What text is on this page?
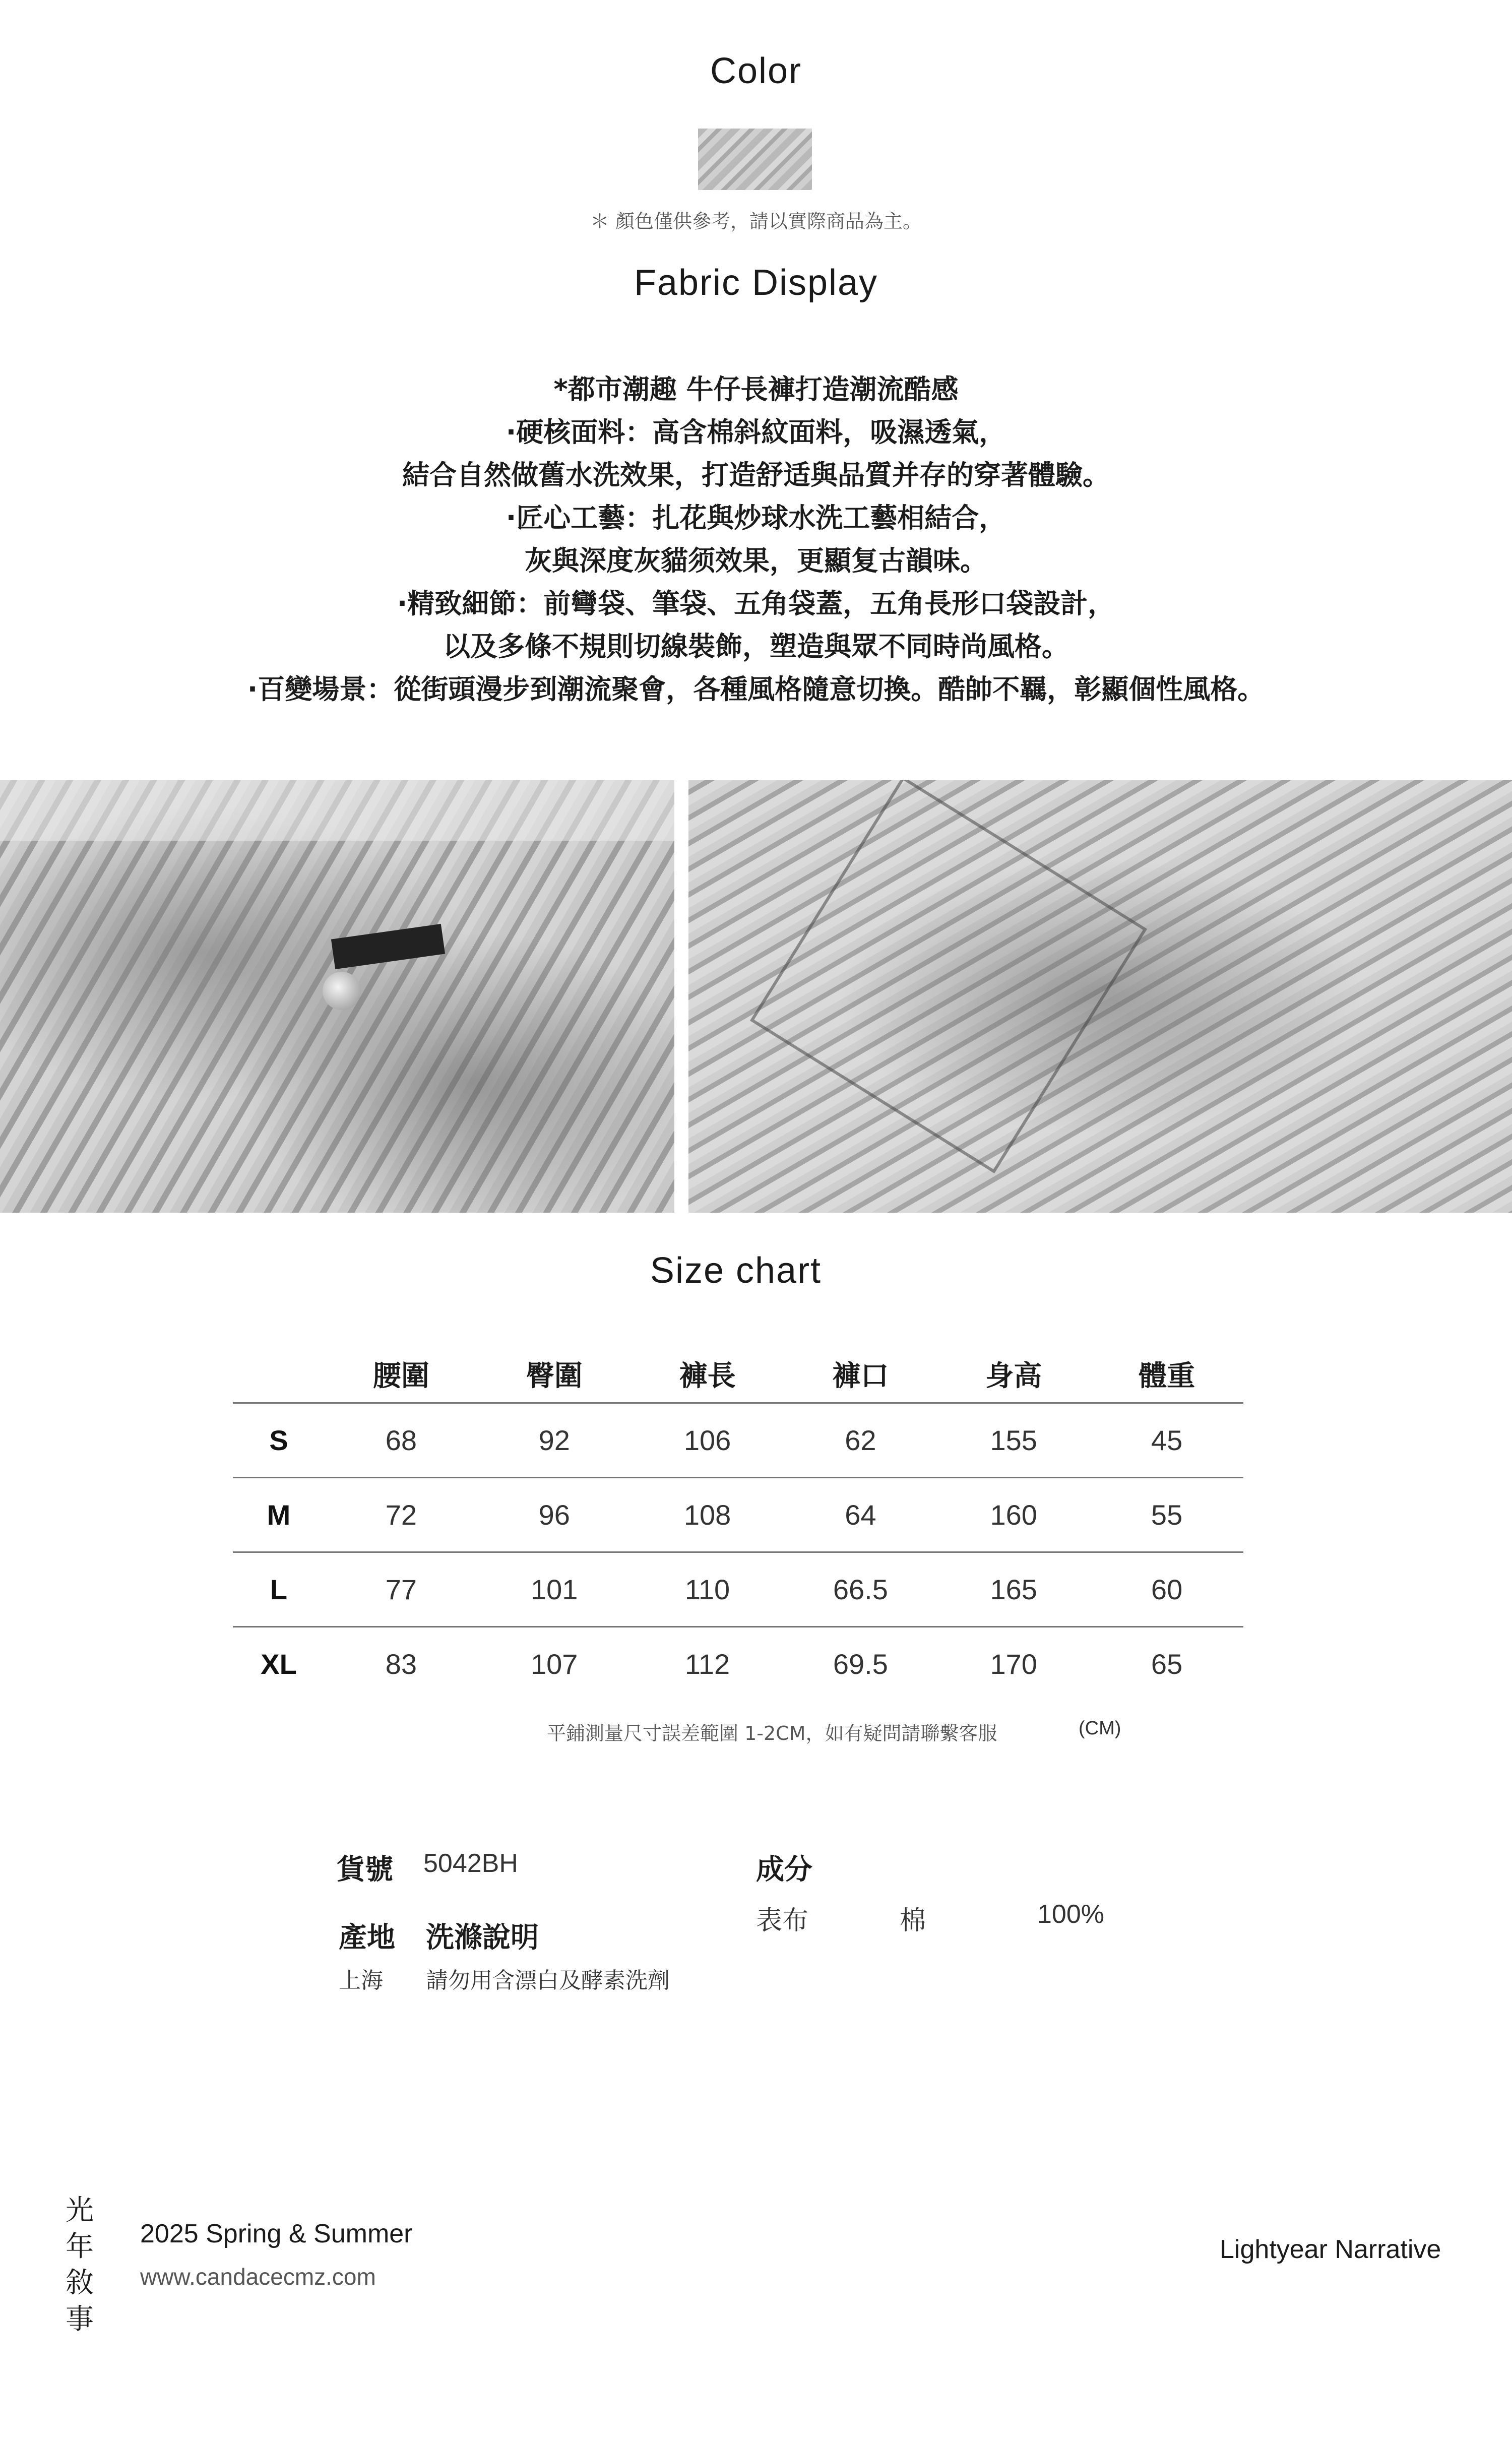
Color
＊ 顏色僅供參考，請以實際商品為主。
Fabric Display
*都市潮趣 牛仔長褲打造潮流酷感
·硬核面料：高含棉斜紋面料，吸濕透氣，
結合自然做舊水洗效果，打造舒适與品質并存的穿著體驗。
·匠心工藝：扎花與炒球水洗工藝相結合，
灰與深度灰貓须效果，更顯复古韻味。
·精致細節：前彎袋、筆袋、五角袋蓋，五角長形口袋設計，
以及多條不規則切線裝飾，塑造與眾不同時尚風格。
·百變場景：從街頭漫步到潮流聚會，各種風格隨意切換。酷帥不羈，彰顯個性風格。
Size chart
	腰圍	臀圍	褲長	褲口	身高	體重
S	68	92	106	62	155	45
M	72	96	108	64	160	55
L	77	101	110	66.5	165	60
XL	83	107	112	69.5	170	65
平鋪測量尺寸誤差範圍 1-2CM，如有疑問請聯繫客服	(CM)
貨號 5042BH
產地 洗滌說明
上海 請勿用含漂白及酵素洗劑
成分
表布	棉	100%
光
年
敘
事
2025 Spring & Summer
www.candacecmz.com
Lightyear Narrative
